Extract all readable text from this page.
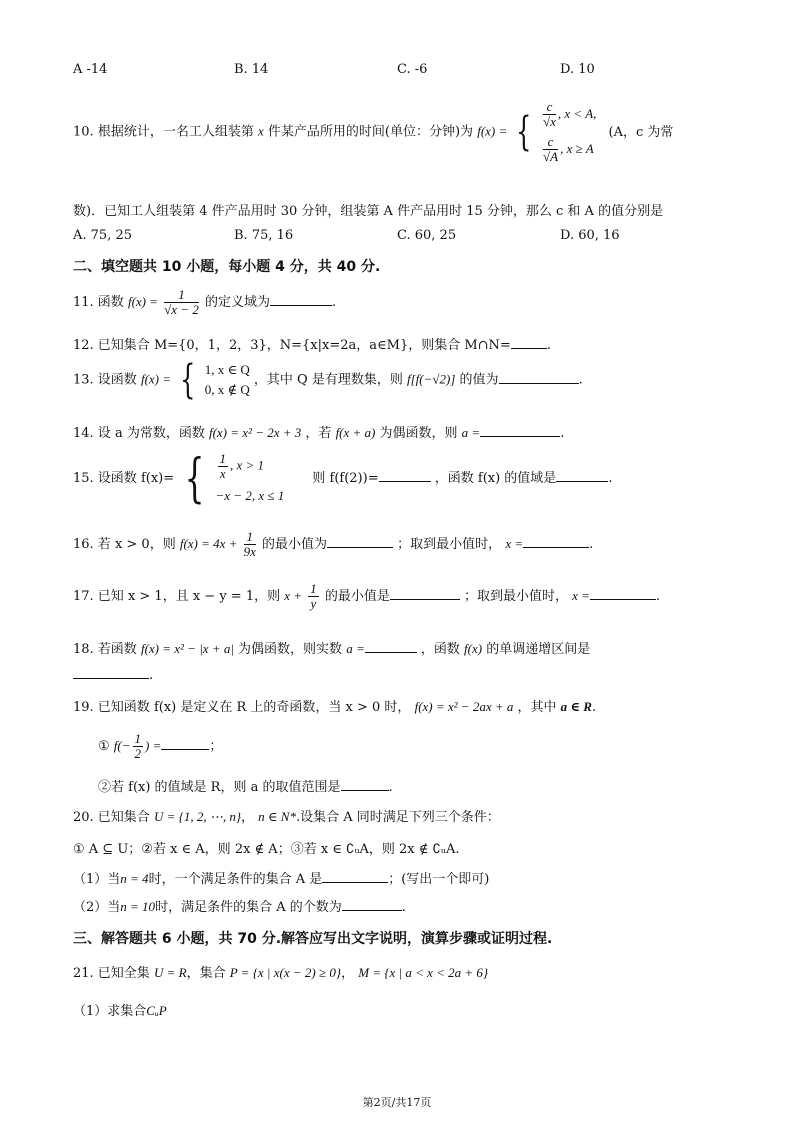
A -14	B. 14	C. -6	D. 10
10. 根据统计，一名工人组装第 x 件某产品所用的时间(单位：分钟)为 f(x) = { $\frac{c}{√x}$ , x < A,
$\frac{c}{√A}$ , x ≥ A
(A，c 为常
数)．已知工人组装第 4 件产品用时 30 分钟，组装第 A 件产品用时 15 分钟，那么 c 和 A 的值分别是
A. 75, 25	B. 75, 16	C. 60, 25	D. 60, 16
二、填空题共 10 小题，每小题 4 分，共 40 分.
11. 函数 $f(x) = \frac{1}{√x - 2}$ 的定义域为	.
12. 已知集合 M={0，1，2，3}，N={x|x=2a，a∈M}，则集合 M∩N=	.
13. 设函数 f(x) = { 1, x ∈ Q
0, x ∉ Q
，其中 Q 是有理数集，则 f[f(−√2)] 的值为	.
14. 设 a 为常数，函数 f(x) = x² − 2x + 3 ，若 f(x + a) 为偶函数，则 a =	.
15. 设函数 f(x)= { $\frac{1}{x}$ , x > 1
−x − 2, x ≤ 1
则 f(f(2))=	，函数 f(x) 的值域是	.
16. 若 x > 0，则 $f(x) = 4x + \frac{1}{9x}$ 的最小值为	；取到最小值时， x =	.
17. 已知 x > 1，且 x − y = 1，则 $x + \frac{1}{y}$ 的最小值是	；取到最小值时， x =	.
18. 若函数 f(x) = x² − |x + a| 为偶函数，则实数 a =	，函数 f(x) 的单调递增区间是
.
19. 已知函数 f(x) 是定义在 R 上的奇函数，当 x > 0 时， f(x) = x² − 2ax + a ，其中 a ∈ R.
① $f(- \frac{1}{2}$ ) =	；
②若 f(x) 的值域是 R，则 a 的取值范围是	.
20. 已知集合 U = {1, 2, ⋯, n}， n ∈ N*.设集合 A 同时满足下列三个条件：
① A ⊆ U；②若 x ∈ A，则 2x ∉ A；③若 x ∈ ∁ᵤA，则 2x ∉ ∁ᵤA.
（1）当n = 4时，一个满足条件的集合 A 是	；(写出一个即可)
（2）当n = 10时，满足条件的集合 A 的个数为	.
三、解答题共 6 小题，共 70 分.解答应写出文字说明，演算步骤或证明过程.
21. 已知全集 U = R，集合 P = {x | x(x − 2) ≥ 0}， M = {x | a < x < 2a + 6}
（1）求集合CᵤP
第2页/共17页
